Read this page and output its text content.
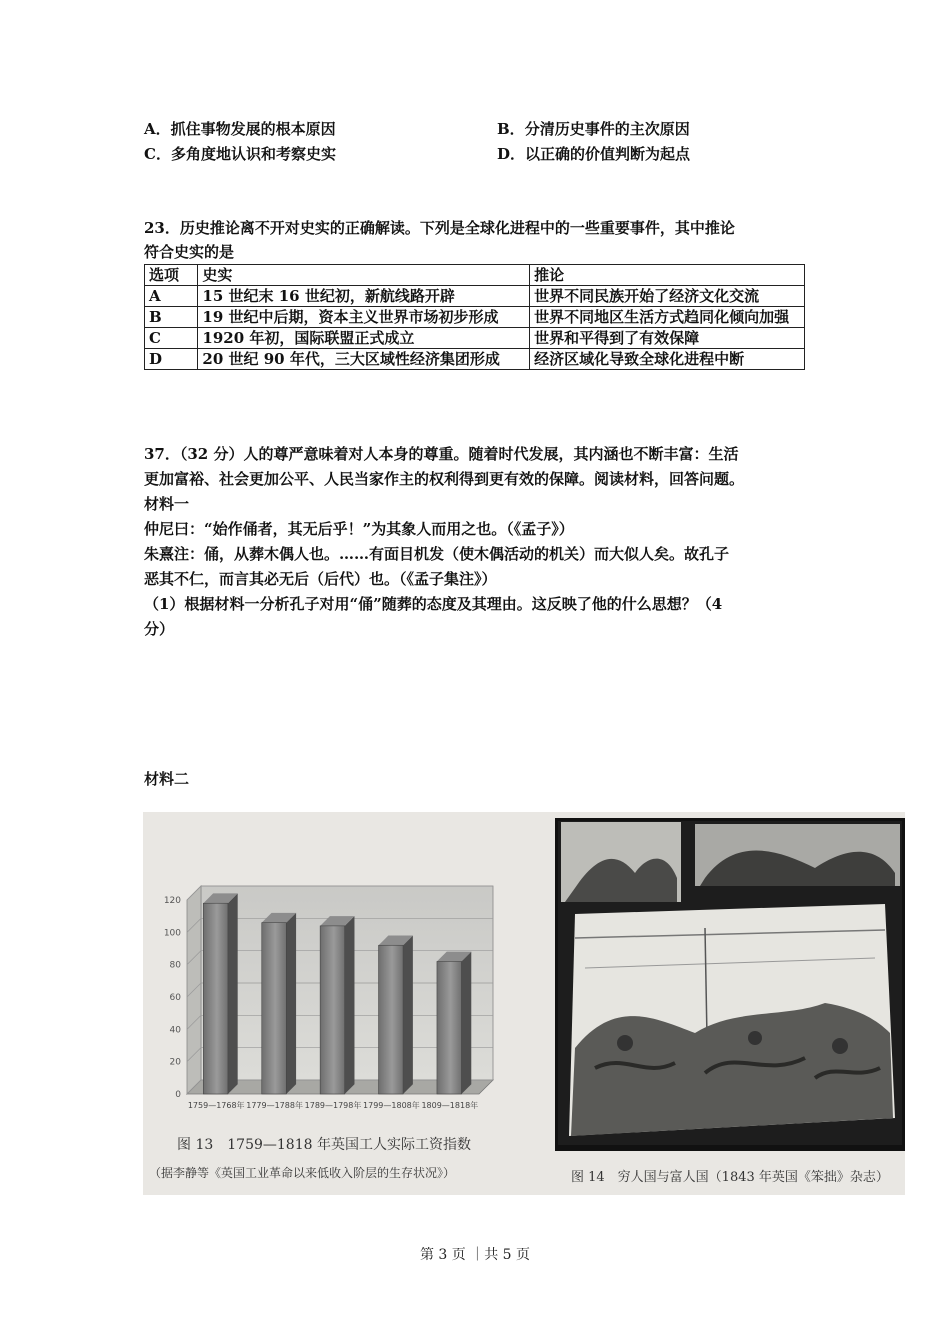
A．抓住事物发展的根本原因	B．分清历史事件的主次原因
C．多角度地认识和考察史实	D．以正确的价值判断为起点
23．历史推论离不开对史实的正确解读。下列是全球化进程中的一些重要事件，其中推论
符合史实的是
选项	史实	推论
A	15 世纪末 16 世纪初，新航线路开辟	世界不同民族开始了经济文化交流
B	19 世纪中后期，资本主义世界市场初步形成	世界不同地区生活方式趋同化倾向加强

C	1920 年初，国际联盟正式成立	世界和平得到了有效保障
D	20 世纪 90 年代，三大区域性经济集团形成	经济区域化导致全球化进程中断
37．（32 分）人的尊严意味着对人本身的尊重。随着时代发展，其内涵也不断丰富：生活
更加富裕、社会更加公平、人民当家作主的权利得到更有效的保障。阅读材料，回答问题。
材料一
仲尼曰：“始作俑者，其无后乎！”为其象人而用之也。（《孟子》）
朱熹注：俑，从葬木偶人也。……有面目机发（使木偶活动的机关）而大似人矣。故孔子
恶其不仁，而言其必无后（后代）也。（《孟子集注》）
（1）根据材料一分析孔子对用“俑”随葬的态度及其理由。这反映了他的什么思想？（4
分）
材料二
0
20
40
60
80
100
120
1759—1768年 1779—1788年 1789—1798年 1799—1808年 1809—1818年
图 13　1759—1818 年英国工人实际工资指数
（据李静等《英国工业革命以来低收入阶层的生存状况》）	图 14　穷人国与富人国（1843 年英国《笨拙》杂志）
第 3 页 ｜共 5 页
